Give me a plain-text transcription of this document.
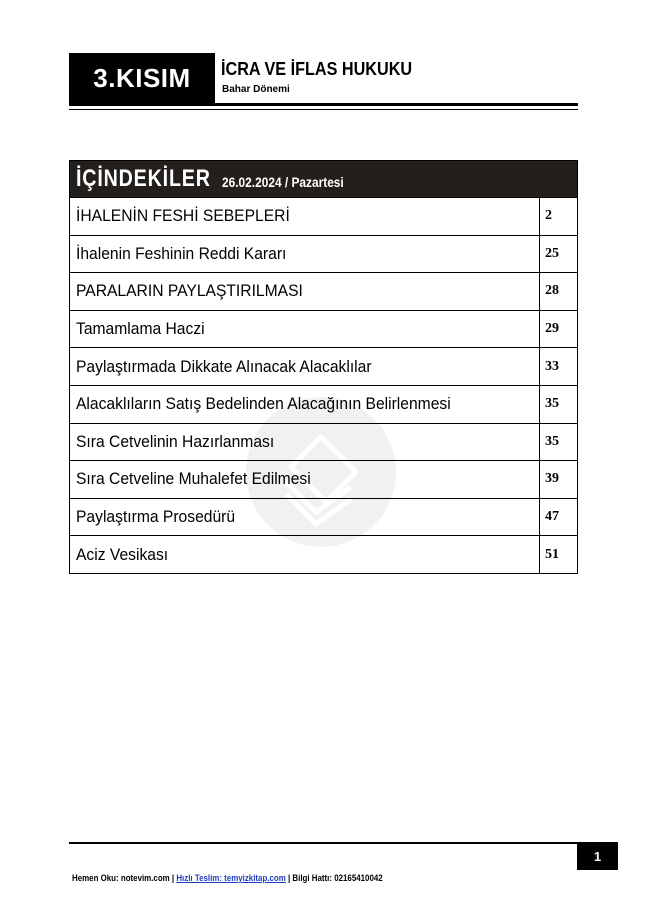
3.KISIM	İCRA VE İFLAS HUKUKU
Bahar Dönemi
İÇİNDEKİLER 26.02.2024 / Pazartesi
İHALENİN FESHİ SEBEPLERİ	2
İhalenin Feshinin Reddi Kararı	25
PARALARIN PAYLAŞTIRILMASI	28
Tamamlama Haczi	29
Paylaştırmada Dikkate Alınacak Alacaklılar	33
Alacaklıların Satış Bedelinden Alacağının Belirlenmesi	35
Sıra Cetvelinin Hazırlanması	35
Sıra Cetveline Muhalefet Edilmesi	39
Paylaştırma Prosedürü	47
Aciz Vesikası	51
1
Hemen Oku: notevim.com | Hızlı Teslim: temyizkitap.com | Bilgi Hattı: 02165410042
